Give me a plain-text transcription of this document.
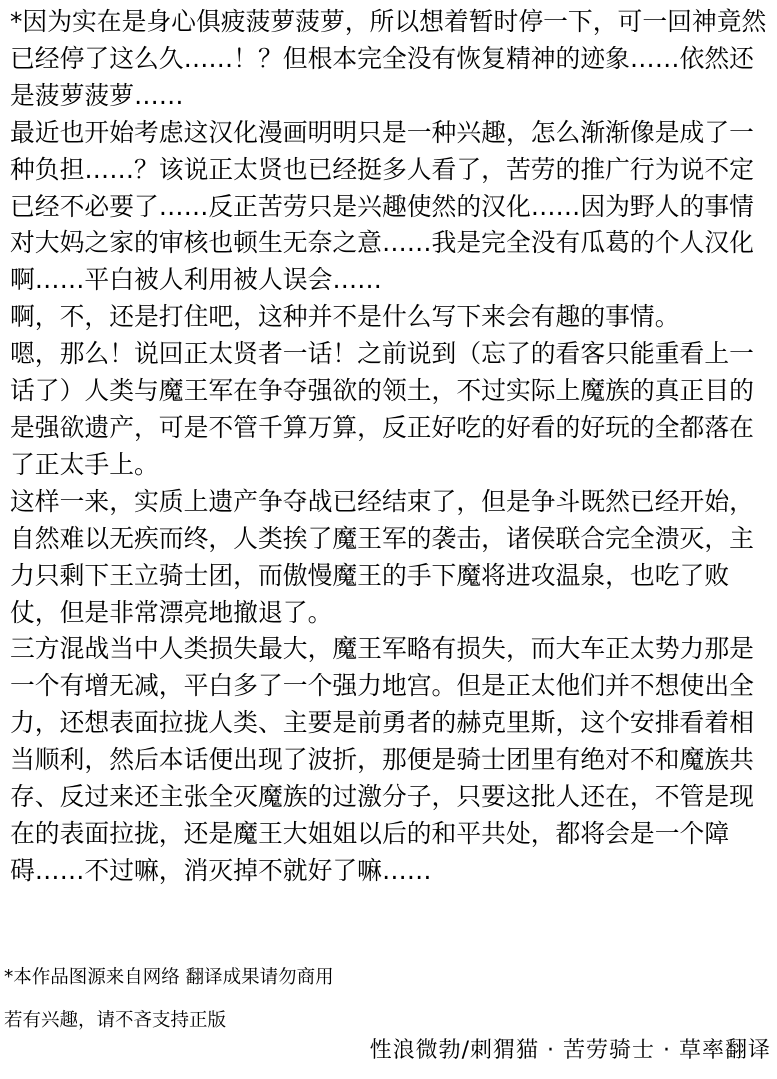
*因为实在是身心俱疲菠萝菠萝，所以想着暂时停一下，可一回神竟然已经停了这么久……！？但根本完全没有恢复精神的迹象……依然还是菠萝菠萝……

最近也开始考虑这汉化漫画明明只是一种兴趣，怎么渐渐像是成了一种负担……？该说正太贤也已经挺多人看了，苦劳的推广行为说不定已经不必要了……反正苦劳只是兴趣使然的汉化……因为野人的事情对大妈之家的审核也顿生无奈之意……我是完全没有瓜葛的个人汉化啊……平白被人利用被人误会……

啊，不，还是打住吧，这种并不是什么写下来会有趣的事情。

嗯，那么！说回正太贤者一话！之前说到（忘了的看客只能重看上一话了）人类与魔王军在争夺强欲的领土，不过实际上魔族的真正目的是强欲遗产，可是不管千算万算，反正好吃的好看的好玩的全都落在了正太手上。

这样一来，实质上遗产争夺战已经结束了，但是争斗既然已经开始，自然难以无疾而终，人类挨了魔王军的袭击，诸侯联合完全溃灭，主力只剩下王立骑士团，而傲慢魔王的手下魔将进攻温泉，也吃了败仗，但是非常漂亮地撤退了。

三方混战当中人类损失最大，魔王军略有损失，而大车正太势力那是一个有增无减，平白多了一个强力地宫。但是正太他们并不想使出全力，还想表面拉拢人类、主要是前勇者的赫克里斯，这个安排看着相当顺利，然后本话便出现了波折，那便是骑士团里有绝对不和魔族共存、反过来还主张全灭魔族的过激分子，只要这批人还在，不管是现在的表面拉拢，还是魔王大姐姐以后的和平共处，都将会是一个障碍……不过嘛，消灭掉不就好了嘛……

*本作品图源来自网络 翻译成果请勿商用
若有兴趣，请不吝支持正版
性浪微勃/刺猬猫 · 苦劳骑士 · 草率翻译
